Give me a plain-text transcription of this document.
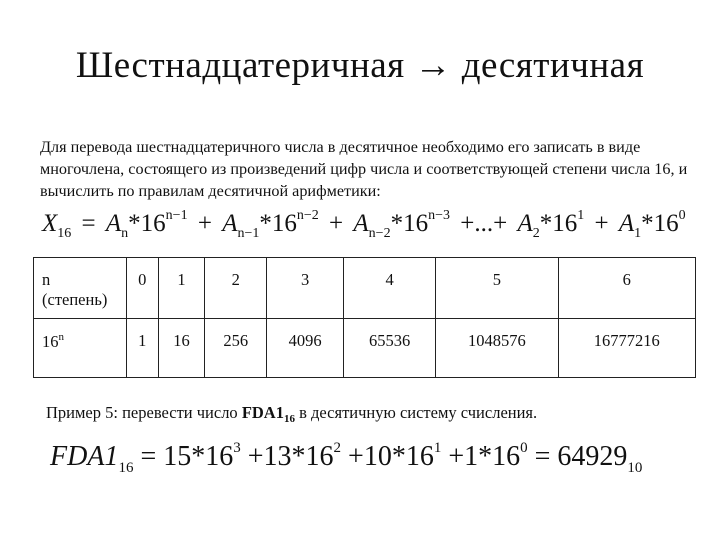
Шестнадцатеричная → десятичная
Для перевода шестнадцатеричного числа в десятичное необходимо его записать в виде многочлена, состоящего из произведений цифр числа и соответствующей степени числа 16, и вычислить по правилам десятичной арифметики:
$X_{16} = A_n*16^{n-1} + A_{n-1}*16^{n-2} + A_{n-2}*16^{n-3}$ +...+ $A_2*16^1 + A_1*16^0$
n
(степень)	0	1	2	3	4	5	6
16$^n$	1	16	256	4096	65536	1048576	16777216
Пример 5: перевести число $FDA1_{16}$ в десятичную систему счисления.
$FDA1_{16} = 15*16^3 +13*16^2 +10*16^1 +1*16^0 = 64929_{10}$
